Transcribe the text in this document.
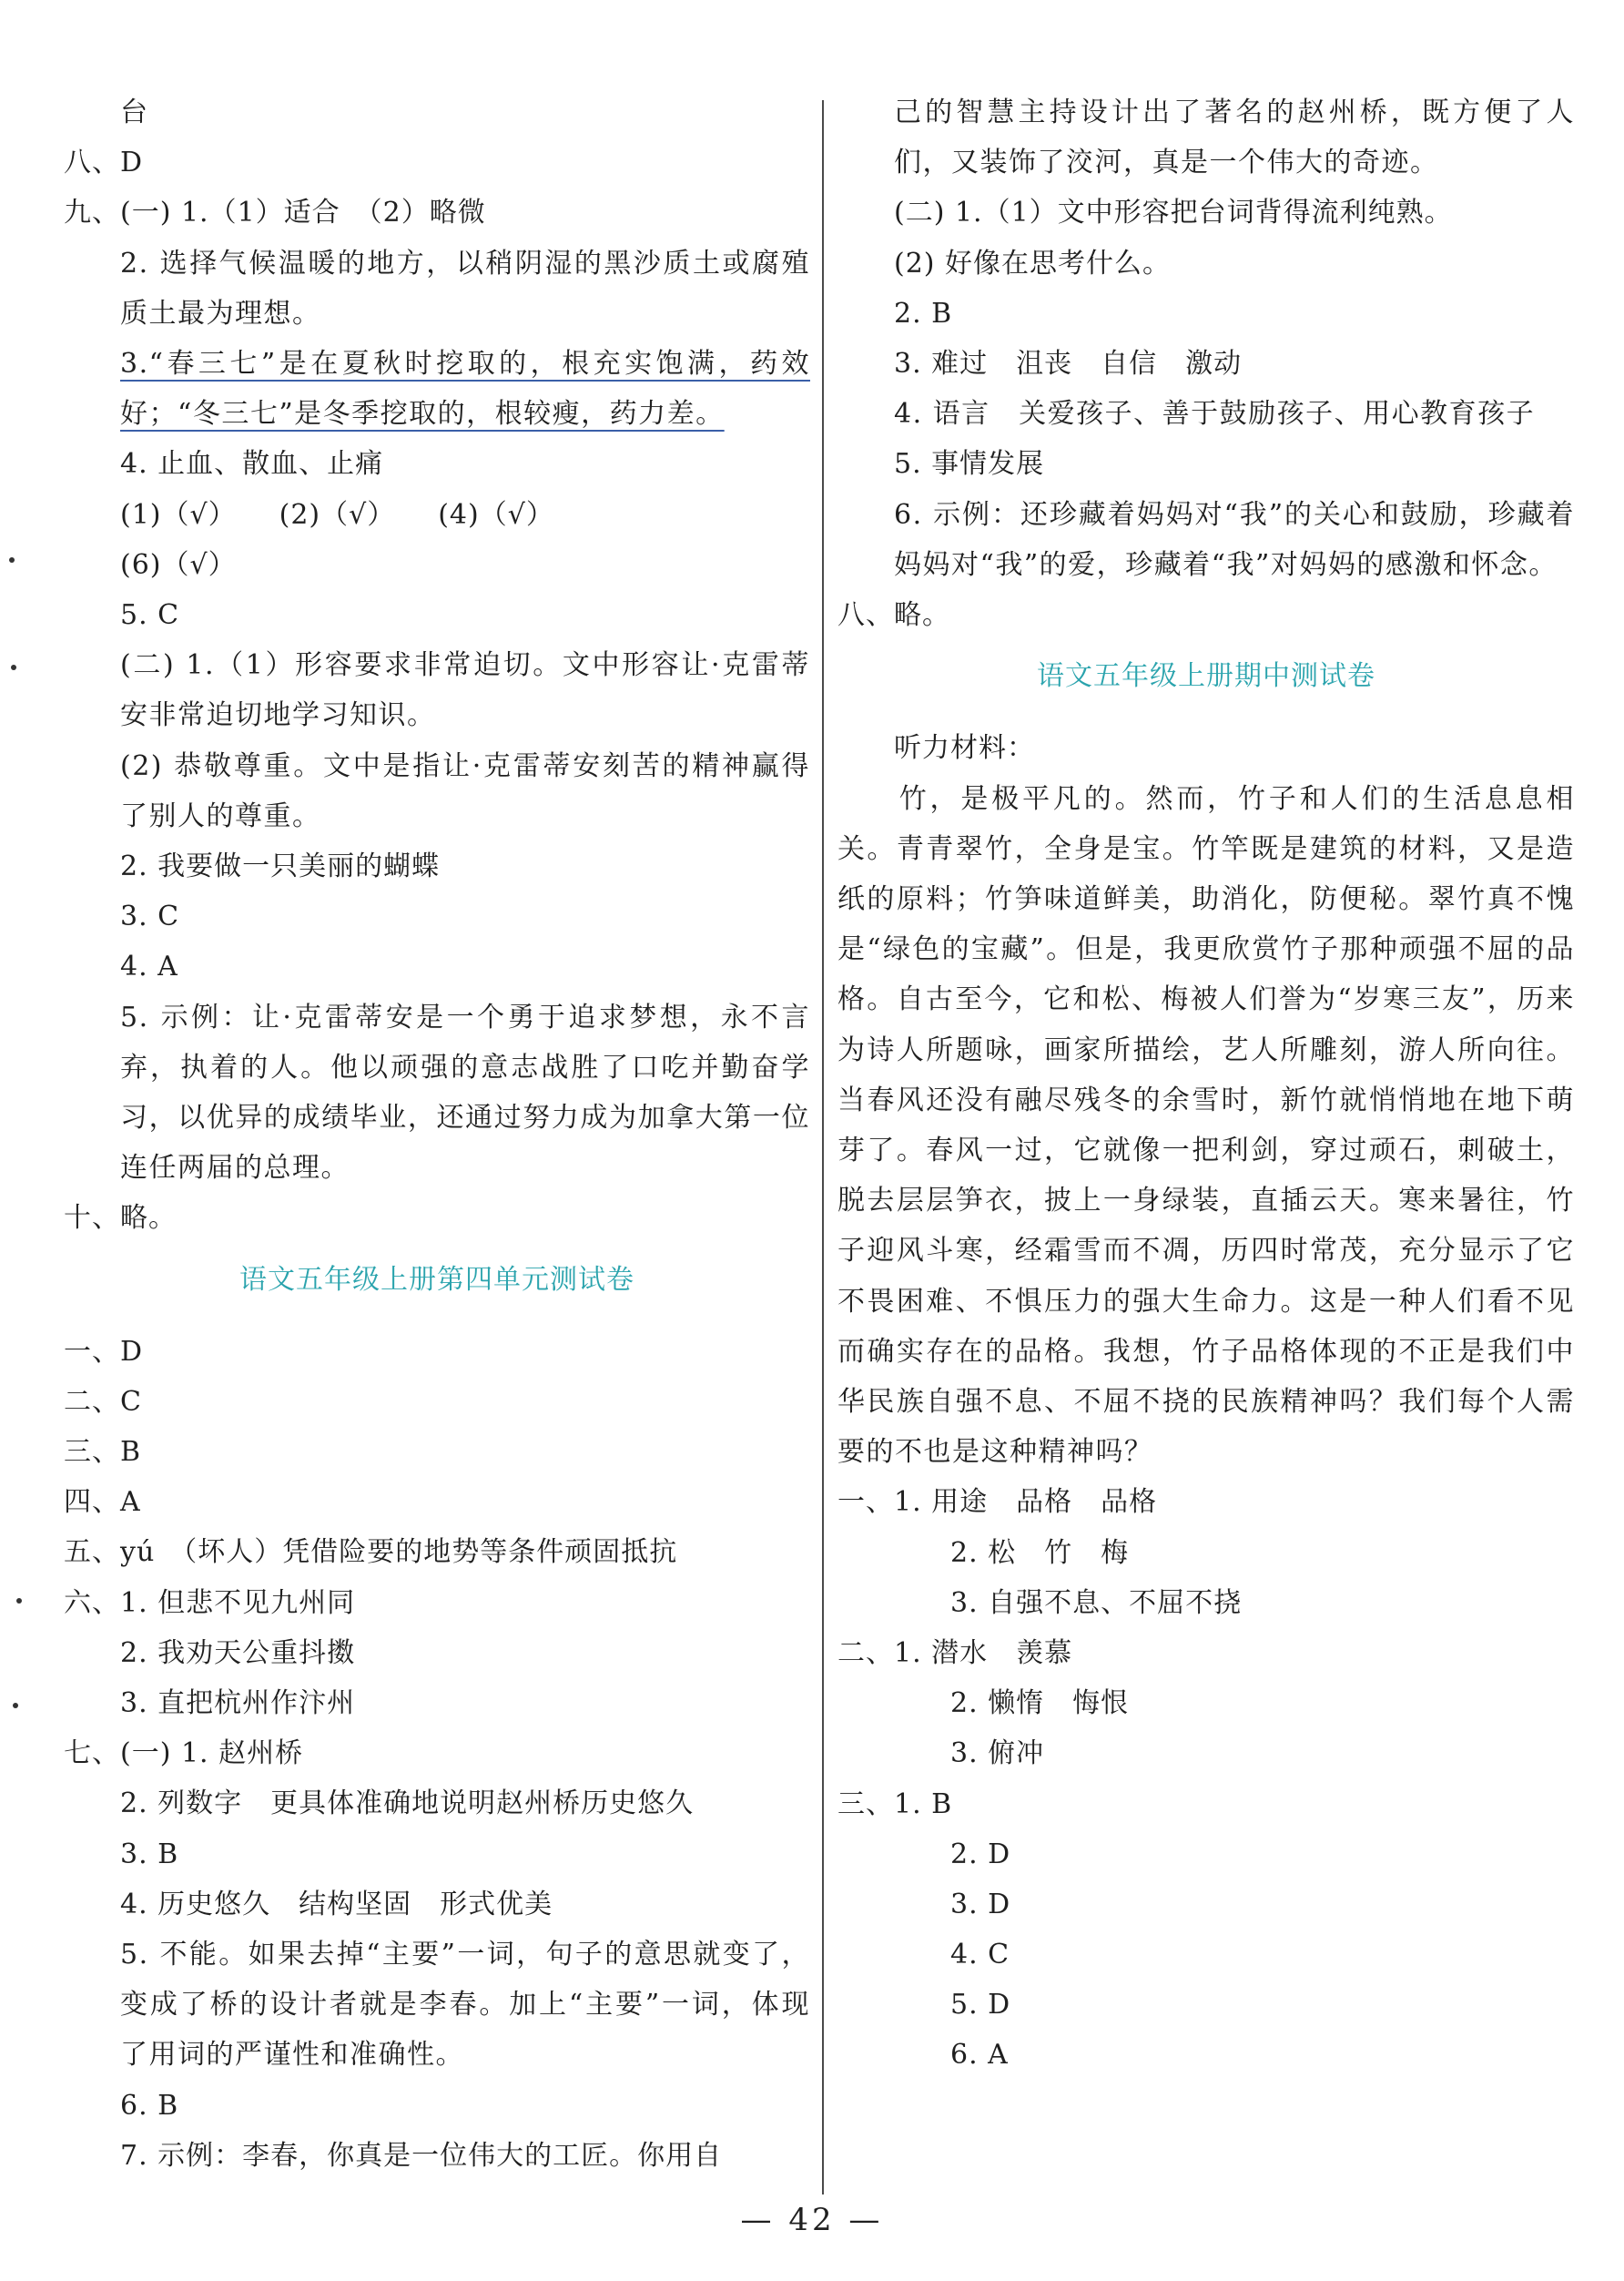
台
八、D
九、(一) 1.（1）适合　（2）略微
2. 选择气候温暖的地方，以稍阴湿的黑沙质土或腐殖质土最为理想。
3.“春三七”是在夏秋时挖取的，根充实饱满，药效好；“冬三七”是冬季挖取的，根较瘦，药力差。
4. 止血、散血、止痛
(1)（√）　　(2)（√）　　(4)（√）
(6)（√）
5. C
(二) 1.（1）形容要求非常迫切。文中形容让·克雷蒂安非常迫切地学习知识。
(2) 恭敬尊重。文中是指让·克雷蒂安刻苦的精神赢得了别人的尊重。
2. 我要做一只美丽的蝴蝶
3. C
4. A
5. 示例：让·克雷蒂安是一个勇于追求梦想，永不言弃，执着的人。他以顽强的意志战胜了口吃并勤奋学习，以优异的成绩毕业，还通过努力成为加拿大第一位连任两届的总理。
十、略。
语文五年级上册第四单元测试卷
一、D
二、C
三、B
四、A
五、yú　（坏人）凭借险要的地势等条件顽固抵抗
六、1. 但悲不见九州同
2. 我劝天公重抖擞
3. 直把杭州作汴州
七、(一) 1. 赵州桥
2. 列数字　更具体准确地说明赵州桥历史悠久
3. B
4. 历史悠久　结构坚固　形式优美
5. 不能。如果去掉“主要”一词，句子的意思就变了，变成了桥的设计者就是李春。加上“主要”一词，体现了用词的严谨性和准确性。
6. B
7. 示例：李春，你真是一位伟大的工匠。你用自
己的智慧主持设计出了著名的赵州桥，既方便了人们，又装饰了洨河，真是一个伟大的奇迹。
(二) 1.（1）文中形容把台词背得流利纯熟。
(2) 好像在思考什么。
2. B
3. 难过　沮丧　自信　激动
4. 语言　关爱孩子、善于鼓励孩子、用心教育孩子
5. 事情发展
6. 示例：还珍藏着妈妈对“我”的关心和鼓励，珍藏着妈妈对“我”的爱，珍藏着“我”对妈妈的感激和怀念。
八、略。
语文五年级上册期中测试卷
听力材料：
　　竹，是极平凡的。然而，竹子和人们的生活息息相关。青青翠竹，全身是宝。竹竿既是建筑的材料，又是造纸的原料；竹笋味道鲜美，助消化，防便秘。翠竹真不愧是“绿色的宝藏”。但是，我更欣赏竹子那种顽强不屈的品格。自古至今，它和松、梅被人们誉为“岁寒三友”，历来为诗人所题咏，画家所描绘，艺人所雕刻，游人所向往。当春风还没有融尽残冬的余雪时，新竹就悄悄地在地下萌芽了。春风一过，它就像一把利剑，穿过顽石，刺破土，脱去层层笋衣，披上一身绿装，直插云天。寒来暑往，竹子迎风斗寒，经霜雪而不凋，历四时常茂，充分显示了它不畏困难、不惧压力的强大生命力。这是一种人们看不见而确实存在的品格。我想，竹子品格体现的不正是我们中华民族自强不息、不屈不挠的民族精神吗？我们每个人需要的不也是这种精神吗？
一、1. 用途　品格　品格
2. 松　竹　梅
3. 自强不息、不屈不挠
二、1. 潜水　羡慕
2. 懒惰　悔恨
3. 俯冲
三、1. B
2. D
3. D
4. C
5. D
6. A
— 42 —
